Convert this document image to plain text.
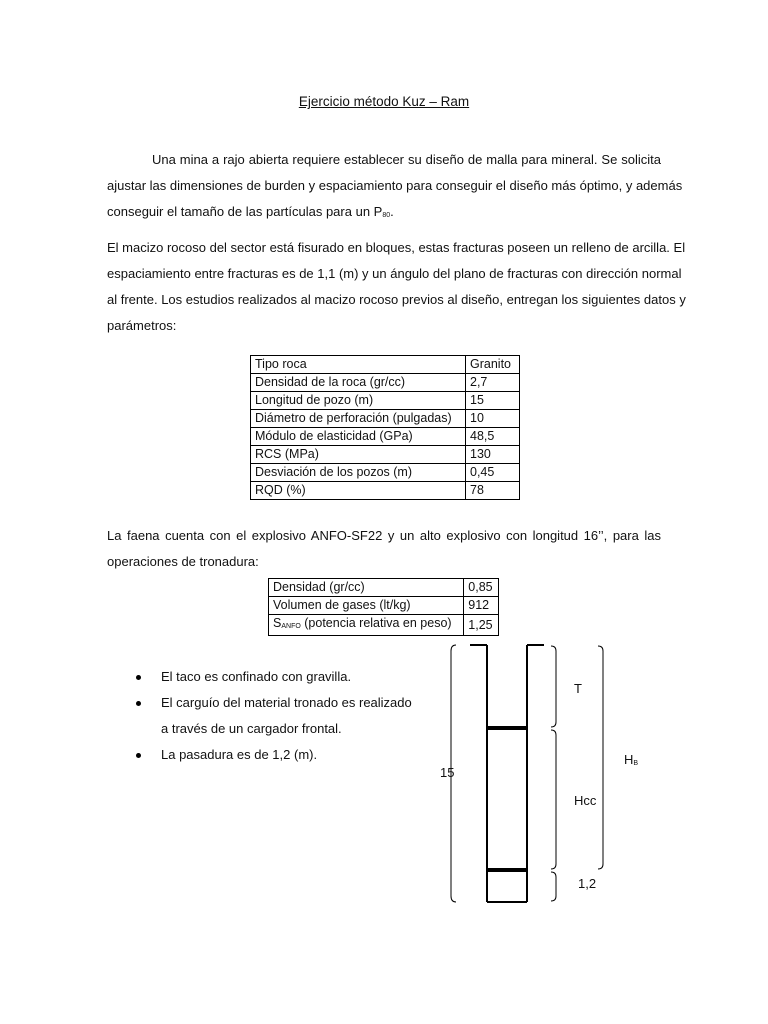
Ejercicio método Kuz – Ram
Una mina a rajo abierta requiere establecer su diseño de malla para mineral. Se solicita
ajustar las dimensiones de burden y espaciamiento para conseguir el diseño más óptimo, y además
conseguir el tamaño de las partículas para un $P_{80}$.
El macizo rocoso del sector está fisurado en bloques, estas fracturas poseen un relleno de arcilla. El
espaciamiento entre fracturas es de 1,1 (m) y un ángulo del plano de fracturas con dirección normal
al frente. Los estudios realizados al macizo rocoso previos al diseño, entregan los siguientes datos y
parámetros:
Tipo roca	Granito
Densidad de la roca (gr/cc)	2,7
Longitud de pozo (m)	15
Diámetro de perforación (pulgadas)	10
Módulo de elasticidad (GPa)	48,5
RCS (MPa)	130
Desviación de los pozos (m)	0,45
RQD (%)	78
La faena cuenta con el explosivo ANFO-SF22 y un alto explosivo con longitud 16’’, para las
operaciones de tronadura:
Densidad (gr/cc)	0,85
Volumen de gases (lt/kg)	912
$S_{ANFO}$ (potencia relativa en peso)	1,25
El taco es confinado con gravilla.
El carguío del material tronado es realizado
a través de un cargador frontal.
La pasadura es de 1,2 (m).
15
T
Hcc
1,2
$H_B$
